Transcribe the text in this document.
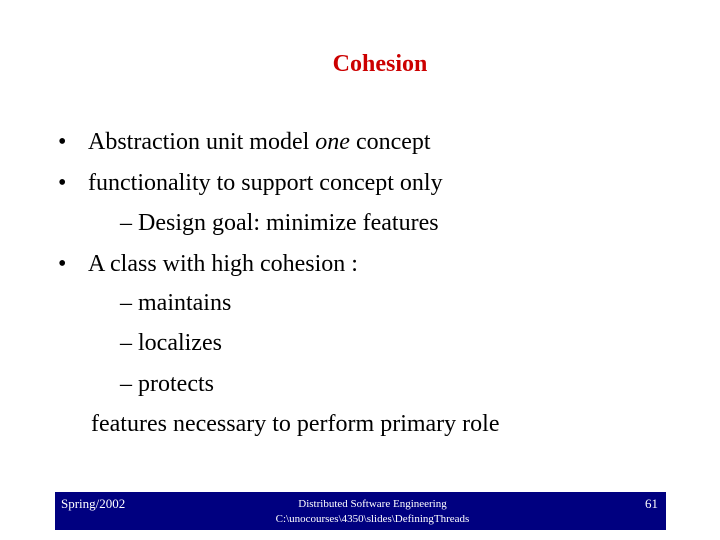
Cohesion
• Abstraction unit model one concept
• functionality to support concept only
– Design goal: minimize features
• A class with high cohesion :
– maintains
– localizes
– protects
features necessary to perform primary role
Spring/2002	Distributed Software Engineering
C:\unocourses\4350\slides\DefiningThreads
61
